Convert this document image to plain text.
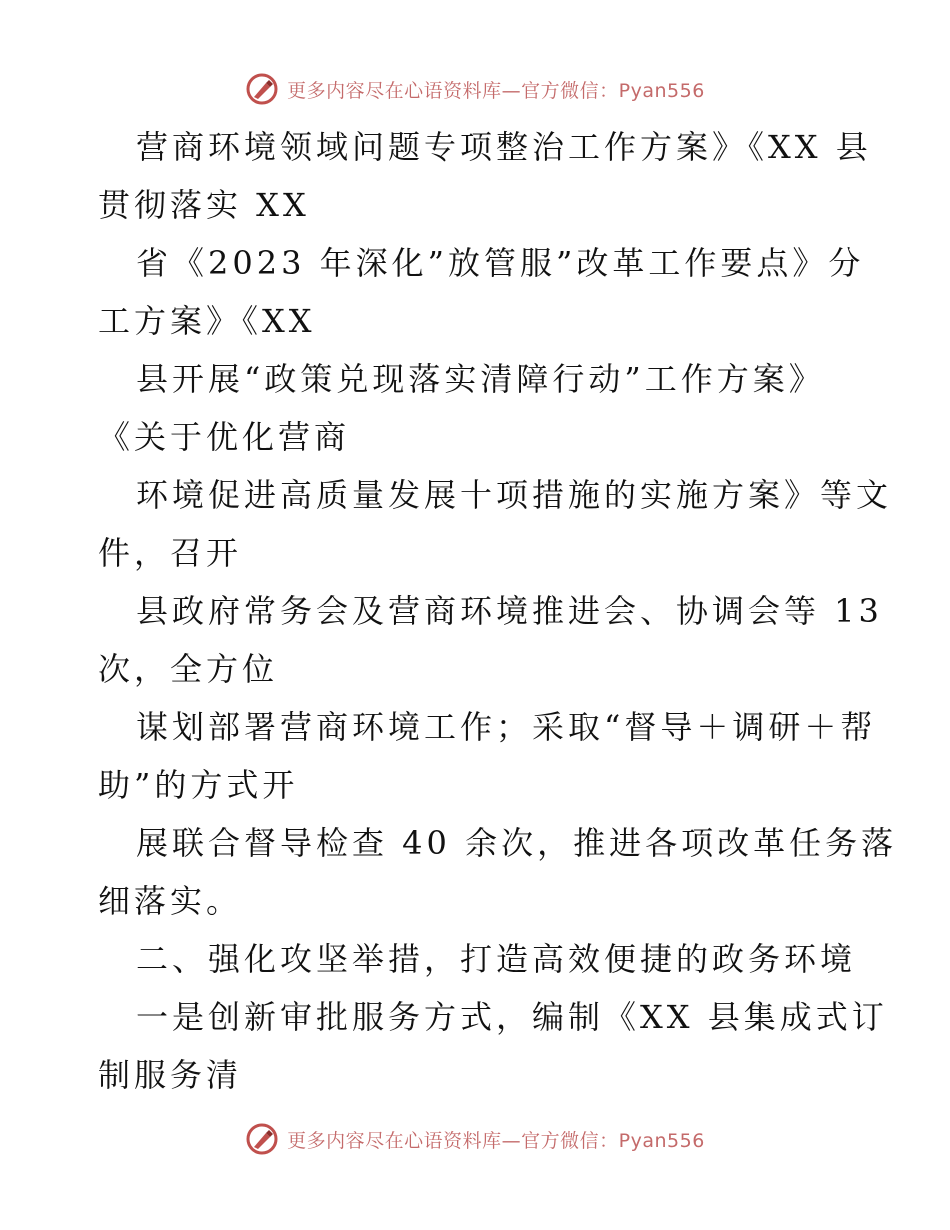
更多内容尽在心语资料库—官方微信：Pyan556
营商环境领域问题专项整治工作方案》《XX 县
贯彻落实 XX
省《2023 年深化”放管服”改革工作要点》分
工方案》《XX
县开展“政策兑现落实清障行动”工作方案》
《关于优化营商
环境促进高质量发展十项措施的实施方案》等文
件，召开
县政府常务会及营商环境推进会、协调会等 13
次，全方位
谋划部署营商环境工作；采取“督导＋调研＋帮
助”的方式开
展联合督导检查 40 余次，推进各项改革任务落
细落实。
二、强化攻坚举措，打造高效便捷的政务环境
一是创新审批服务方式，编制《XX 县集成式订
制服务清
更多内容尽在心语资料库—官方微信：Pyan556
